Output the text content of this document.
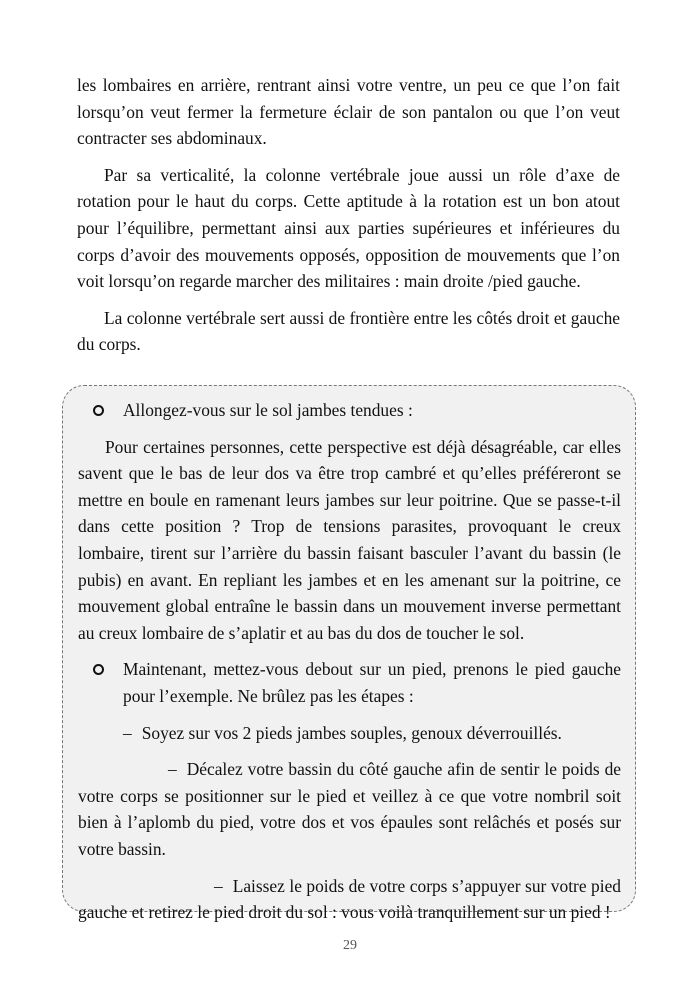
les lombaires en arrière, rentrant ainsi votre ventre, un peu ce que l’on fait lorsqu’on veut fermer la fermeture éclair de son pantalon ou que l’on veut contracter ses abdominaux.

Par sa verticalité, la colonne vertébrale joue aussi un rôle d’axe de rotation pour le haut du corps. Cette aptitude à la rotation est un bon atout pour l’équilibre, permettant ainsi aux parties supérieures et inférieures du corps d’avoir des mouvements opposés, opposition de mouvements que l’on voit lorsqu’on regarde marcher des militaires : main droite /pied gauche.

La colonne vertébrale sert aussi de frontière entre les côtés droit et gauche du corps.

Allongez-vous sur le sol jambes tendues :

Pour certaines personnes, cette perspective est déjà désagréable, car elles savent que le bas de leur dos va être trop cambré et qu’elles préféreront se mettre en boule en ramenant leurs jambes sur leur poitrine. Que se passe-t-il dans cette position ? Trop de tensions parasites, provoquant le creux lombaire, tirent sur l’arrière du bassin faisant basculer l’avant du bassin (le pubis) en avant. En repliant les jambes et en les amenant sur la poitrine, ce mouvement global entraîne le bassin dans un mouvement inverse permettant au creux lombaire de s’aplatir et au bas du dos de toucher le sol.

Maintenant, mettez-vous debout sur un pied, prenons le pied gauche pour l’exemple. Ne brûlez pas les étapes :
– Soyez sur vos 2 pieds jambes souples, genoux déverrouillés.
– Décalez votre bassin du côté gauche afin de sentir le poids de votre corps se positionner sur le pied et veillez à ce que votre nombril soit bien à l’aplomb du pied, votre dos et vos épaules sont relâchés et posés sur votre bassin.
– Laissez le poids de votre corps s’appuyer sur votre pied gauche et retirez le pied droit du sol : vous voilà tranquillement sur un pied !
29
